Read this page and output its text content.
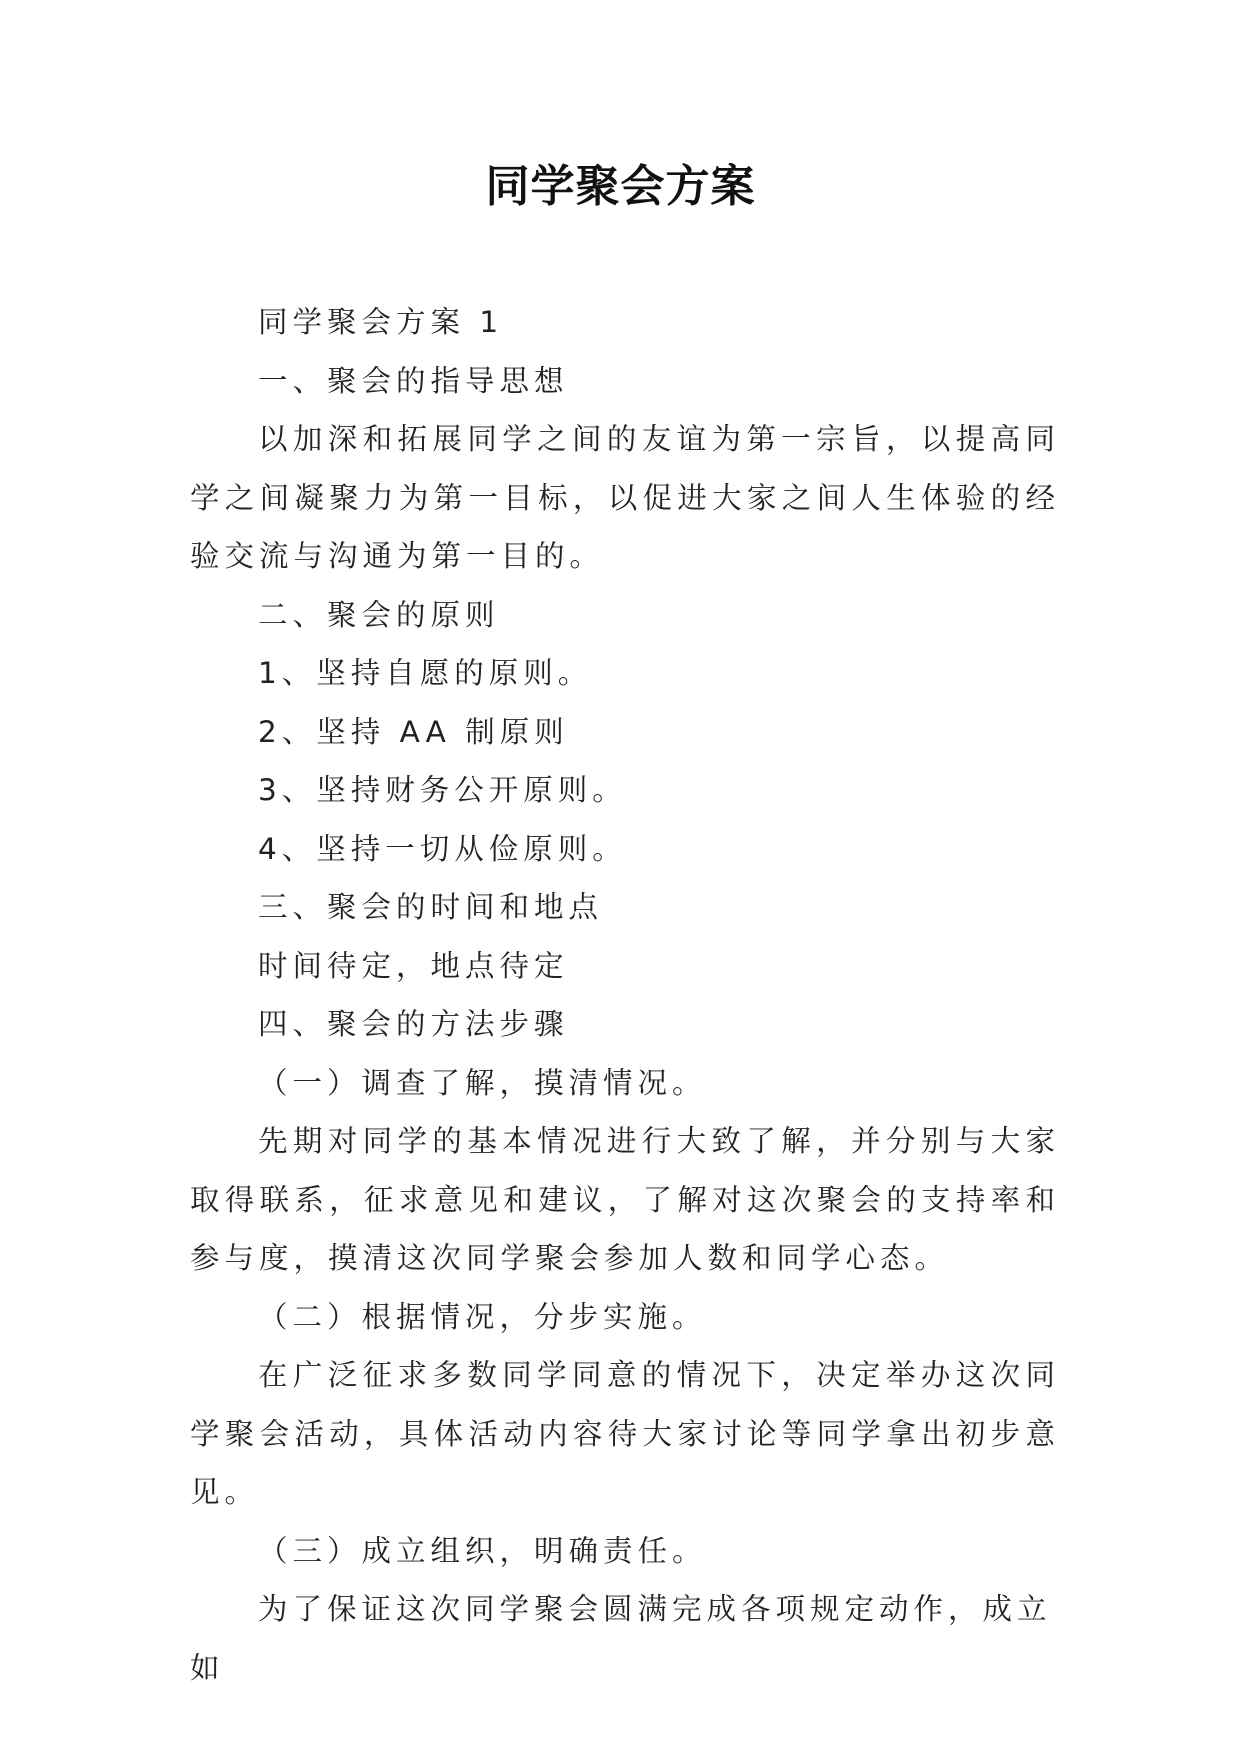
同学聚会方案

同学聚会方案 1

一、聚会的指导思想

以加深和拓展同学之间的友谊为第一宗旨，以提高同学之间凝聚力为第一目标，以促进大家之间人生体验的经验交流与沟通为第一目的。

二、聚会的原则

1、坚持自愿的原则。

2、坚持 AA 制原则

3、坚持财务公开原则。

4、坚持一切从俭原则。

三、聚会的时间和地点

时间待定，地点待定

四、聚会的方法步骤

（一）调查了解，摸清情况。

先期对同学的基本情况进行大致了解，并分别与大家取得联系，征求意见和建议，了解对这次聚会的支持率和参与度，摸清这次同学聚会参加人数和同学心态。

（二）根据情况，分步实施。

在广泛征求多数同学同意的情况下，决定举办这次同学聚会活动，具体活动内容待大家讨论等同学拿出初步意见。

（三）成立组织，明确责任。

为了保证这次同学聚会圆满完成各项规定动作，成立如
